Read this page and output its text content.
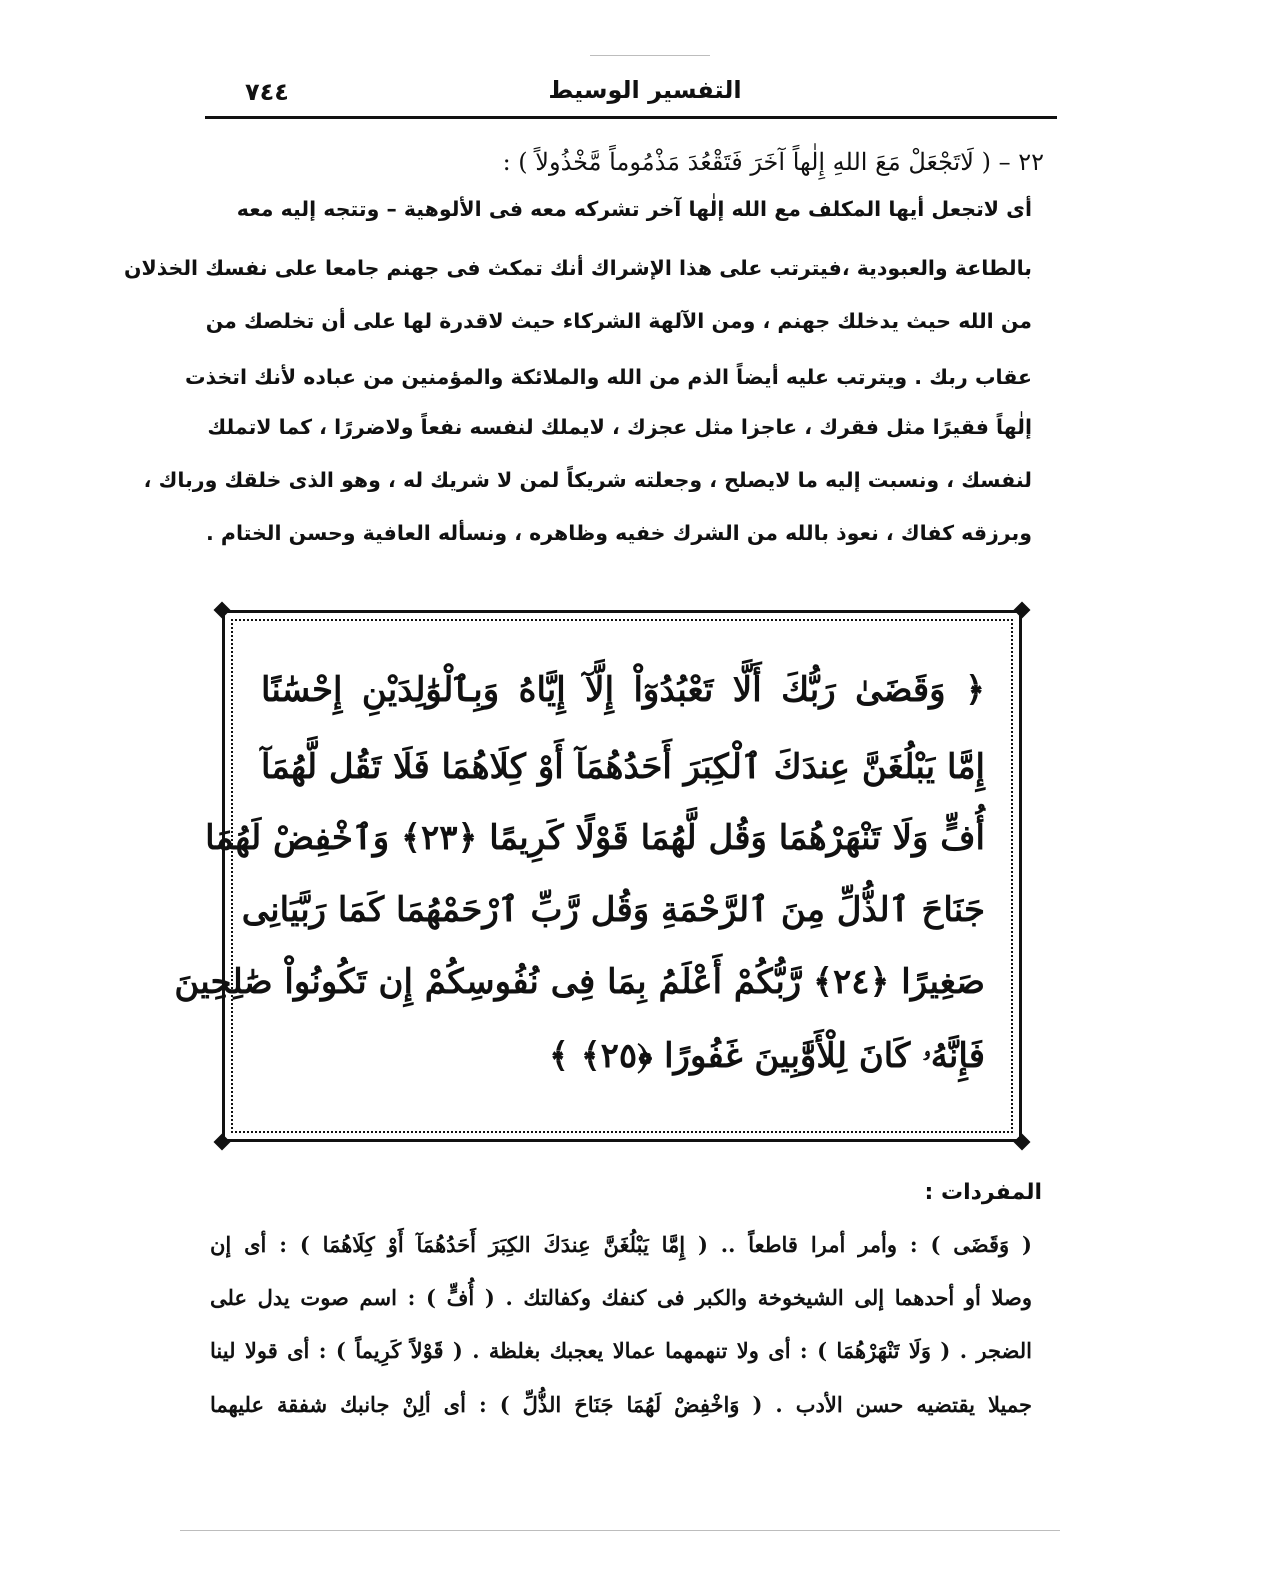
٧٤٤	التفسير الوسيط
٢٢ – ( لَاتَجْعَلْ مَعَ اللهِ إِلٰهاً آخَرَ فَتَقْعُدَ مَذْمُوماً مَّخْذُولاً ) :
أى لاتجعل أيها المكلف مع الله إلٰها آخر تشركه معه فى الألوهية – وتتجه إليه معه
بالطاعة والعبودية ،فيترتب على هذا الإشراك أنك تمكث فى جهنم جامعا على نفسك الخذلان
من الله حيث يدخلك جهنم ، ومن الآلهة الشركاء حيث لاقدرة لها على أن تخلصك من
عقاب ربك . ويترتب عليه أيضاً الذم من الله والملائكة والمؤمنين من عباده لأنك اتخذت
إلٰهاً فقيرًا مثل فقرك ، عاجزا مثل عجزك ، لايملك لنفسه نفعاً ولاضررًا ، كما لاتملك
لنفسك ، ونسبت إليه ما لايصلح ، وجعلته شريكاً لمن لا شريك له ، وهو الذى خلقك ورباك ،
وبرزقه كفاك ، نعوذ بالله من الشرك خفيه وظاهره ، ونسأله العافية وحسن الختام .
﴿ وَقَضَىٰ رَبُّكَ أَلَّا تَعْبُدُوٓاْ إِلَّآ إِيَّاهُ وَبِٱلْوَٰلِدَيْنِ إِحْسَٰنًا
إِمَّا يَبْلُغَنَّ عِندَكَ ٱلْكِبَرَ أَحَدُهُمَآ أَوْ كِلَاهُمَا فَلَا تَقُل لَّهُمَآ
أُفٍّ وَلَا تَنْهَرْهُمَا وَقُل لَّهُمَا قَوْلًا كَرِيمًا ﴿٢٣﴾ وَٱخْفِضْ لَهُمَا
جَنَاحَ ٱلذُّلِّ مِنَ ٱلرَّحْمَةِ وَقُل رَّبِّ ٱرْحَمْهُمَا كَمَا رَبَّيَانِى
صَغِيرًا ﴿٢٤﴾ رَّبُّكُمْ أَعْلَمُ بِمَا فِى نُفُوسِكُمْ إِن تَكُونُواْ صَٰلِحِينَ
فَإِنَّهُۥ كَانَ لِلْأَوَّٰبِينَ غَفُورًا ﴿٢٥﴾ ﴾
المفردات :
( وَقَضَى ) : وأمر أمرا قاطعاً .. ( إِمَّا يَبْلُغَنَّ عِندَكَ الكِبَرَ أَحَدُهُمَآ أَوْ كِلَاهُمَا ) : أى إن
وصلا أو أحدهما إلى الشيخوخة والكبر فى كنفك وكفالتك . ( أُفٍّ ) : اسم صوت يدل على
الضجر . ( وَلَا تَنْهَرْهُمَا ) : أى ولا تنهمهما عمالا يعجبك بغلظة . ( قَوْلاً كَرِيماً ) : أى قولا لينا
جميلا يقتضيه حسن الأدب . ( وَاخْفِضْ لَهُمَا جَنَاحَ الذُّلِّ ) : أى ألِنْ جانبك شفقة عليهما
